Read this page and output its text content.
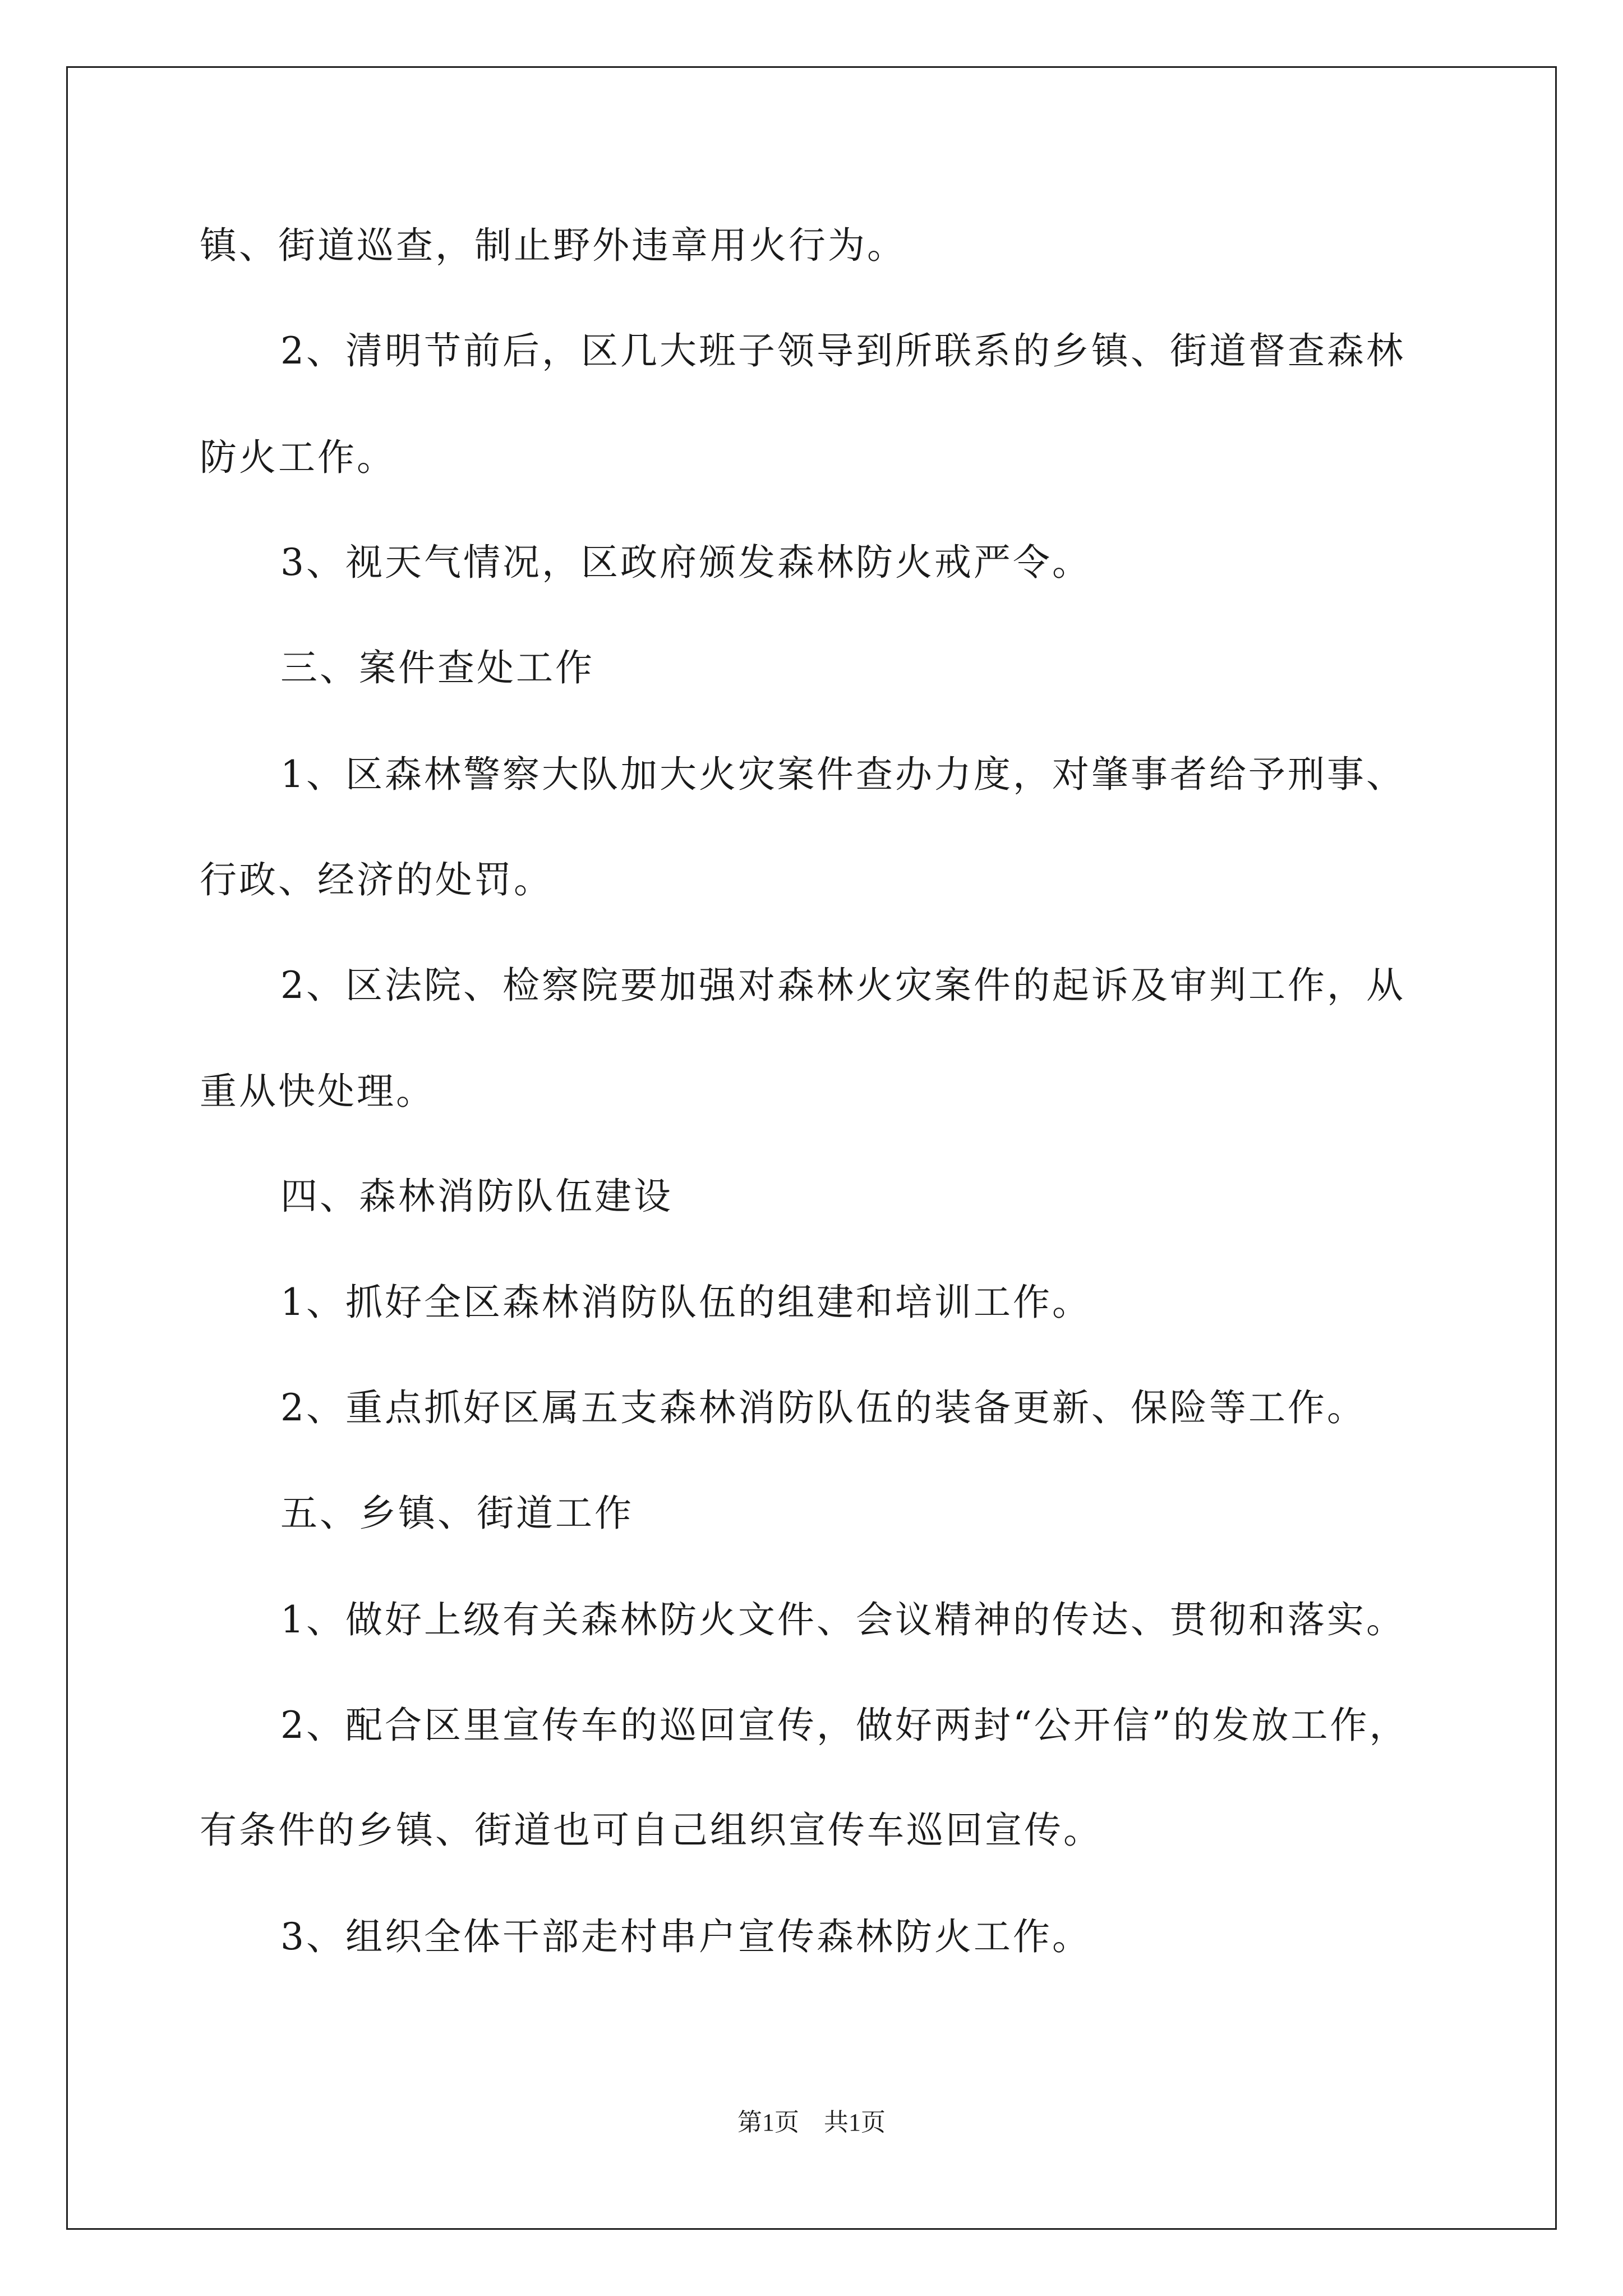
镇、街道巡查，制止野外违章用火行为。

2、清明节前后，区几大班子领导到所联系的乡镇、街道督查森林

防火工作。

3、视天气情况，区政府颁发森林防火戒严令。

三、案件查处工作

1、区森林警察大队加大火灾案件查办力度，对肇事者给予刑事、

行政、经济的处罚。

2、区法院、检察院要加强对森林火灾案件的起诉及审判工作，从

重从快处理。

四、森林消防队伍建设

1、抓好全区森林消防队伍的组建和培训工作。

2、重点抓好区属五支森林消防队伍的装备更新、保险等工作。

五、乡镇、街道工作

1、做好上级有关森林防火文件、会议精神的传达、贯彻和落实。

2、配合区里宣传车的巡回宣传，做好两封“公开信”的发放工作，

有条件的乡镇、街道也可自己组织宣传车巡回宣传。

3、组织全体干部走村串户宣传森林防火工作。

第1页　共1页
